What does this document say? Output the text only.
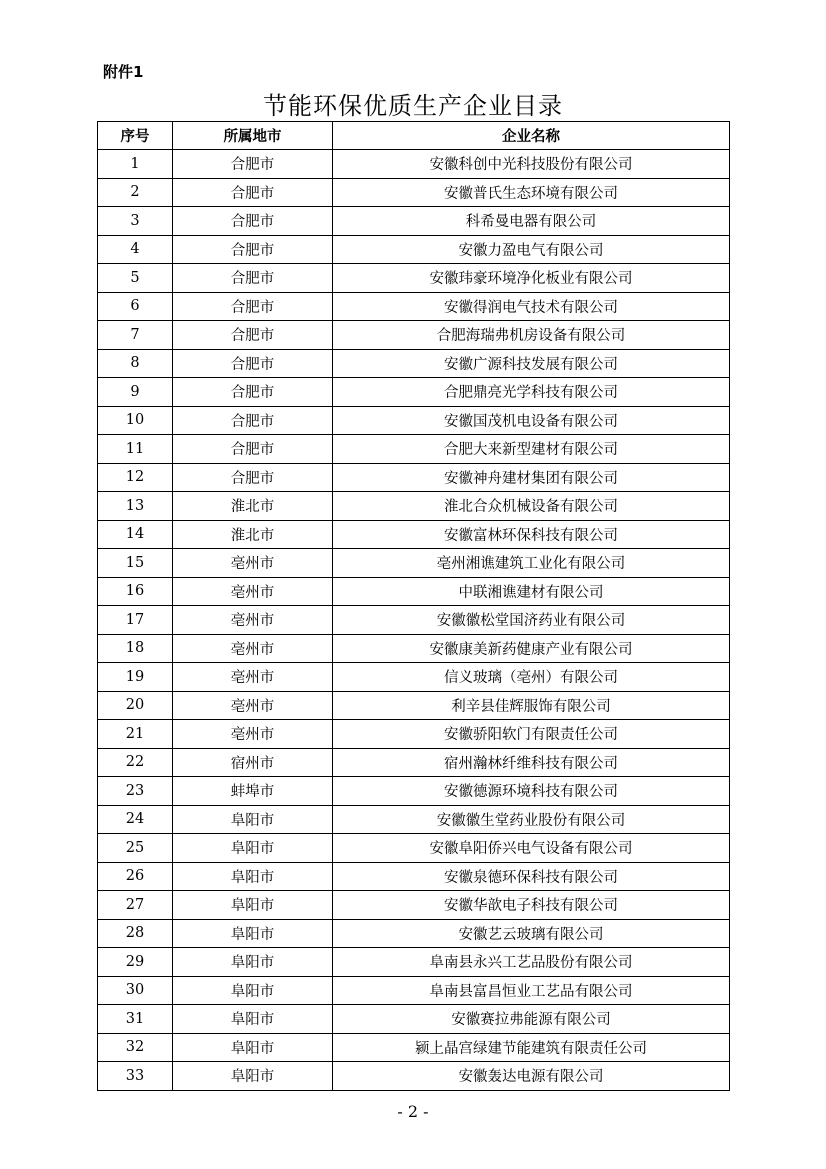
附件1
节能环保优质生产企业目录
序号	所属地市	企业名称
1	合肥市	安徽科创中光科技股份有限公司
2	合肥市	安徽普氏生态环境有限公司
3	合肥市	科希曼电器有限公司
4	合肥市	安徽力盈电气有限公司
5	合肥市	安徽玮豪环境净化板业有限公司
6	合肥市	安徽得润电气技术有限公司
7	合肥市	合肥海瑞弗机房设备有限公司
8	合肥市	安徽广源科技发展有限公司
9	合肥市	合肥鼎亮光学科技有限公司
10	合肥市	安徽国茂机电设备有限公司
11	合肥市	合肥大来新型建材有限公司
12	合肥市	安徽神舟建材集团有限公司
13	淮北市	淮北合众机械设备有限公司
14	淮北市	安徽富林环保科技有限公司
15	亳州市	亳州湘谯建筑工业化有限公司
16	亳州市	中联湘谯建材有限公司
17	亳州市	安徽徽松堂国济药业有限公司
18	亳州市	安徽康美新药健康产业有限公司
19	亳州市	信义玻璃（亳州）有限公司
20	亳州市	利辛县佳辉服饰有限公司
21	亳州市	安徽骄阳软门有限责任公司
22	宿州市	宿州瀚林纤维科技有限公司
23	蚌埠市	安徽德源环境科技有限公司
24	阜阳市	安徽徽生堂药业股份有限公司
25	阜阳市	安徽阜阳侨兴电气设备有限公司
26	阜阳市	安徽泉德环保科技有限公司
27	阜阳市	安徽华歆电子科技有限公司
28	阜阳市	安徽艺云玻璃有限公司
29	阜阳市	阜南县永兴工艺品股份有限公司
30	阜阳市	阜南县富昌恒业工艺品有限公司
31	阜阳市	安徽赛拉弗能源有限公司
32	阜阳市	颍上晶宫绿建节能建筑有限责任公司
33	阜阳市	安徽轰达电源有限公司
- 2 -
